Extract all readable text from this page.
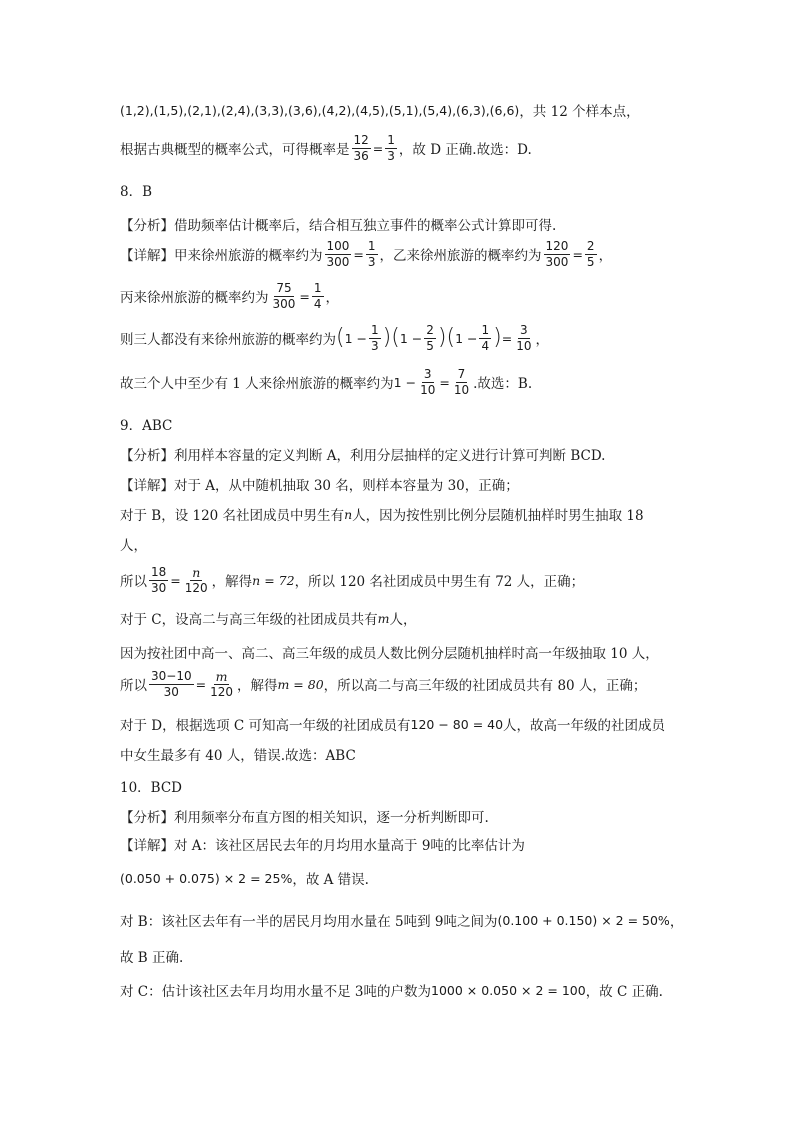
(1,2),(1,5),(2,1),(2,4),(3,3),(3,6),(4,2),(4,5),(5,1),(5,4),(6,3),(6,6) ，共 12 个样本点，
根据古典概型的概率公式，可得概率是 $\frac{12}{36} = \frac{1}{3}$ ，故 D 正确.故选：D.
8．B
【分析】 借助频率估计概率后，结合相互独立事件的概率公式计算即可得.
【详解】 甲来徐州旅游的概率约为 $\frac{100}{300} = \frac{1}{3}$ ，乙来徐州旅游的概率约为 $\frac{120}{300} = \frac{2}{5}$ ，
丙来徐州旅游的概率约为 $\frac{75}{300} = \frac{1}{4}$ ，
则三人都没有来徐州旅游的概率约为 ( $1 - \frac{1}{3}$ ) ( $1 - \frac{2}{5}$ ) ( $1 - \frac{1}{4}$ ) = $\frac{3}{10}$ ，
故三个人中至少有 1 人来徐州旅游的概率约为 $1 - \frac{3}{10} = \frac{7}{10}$ .故选：B.
9．ABC
【分析】 利用样本容量的定义判断 A，利用分层抽样的定义进行计算可判断 BCD.
【详解】 对于 A，从中随机抽取 30 名，则样本容量为 30，正确；
对于 B，设 120 名社团成员中男生有 n 人，因为按性别比例分层随机抽样时男生抽取 18
人，
所以 $\frac{18}{30} = \frac{n}{120}$ ，解得 n = 72 ，所以 120 名社团成员中男生有 72 人，正确；
对于 C，设高二与高三年级的社团成员共有 m 人，
因为按社团中高一、高二、高三年级的成员人数比例分层随机抽样时高一年级抽取 10 人，
所以 $\frac{30-10}{30} = \frac{m}{120}$ ，解得 m = 80 ，所以高二与高三年级的社团成员共有 80 人，正确；
对于 D，根据选项 C 可知高一年级的社团成员有 120 − 80 = 40 人，故高一年级的社团成员
中女生最多有 40 人，错误.故选：ABC
10．BCD
【分析】 利用频率分布直方图的相关知识，逐一分析判断即可.
【详解】 对 A：该社区居民去年的月均用水量高于 9吨的比率估计为
(0.050 + 0.075) × 2 = 25% ，故 A 错误.
对 B：该社区去年有一半的居民月均用水量在 5吨到 9吨之间为 (0.100 + 0.150) × 2 = 50% ，
故 B 正确.
对 C：估计该社区去年月均用水量不足 3吨的户数为 1000 × 0.050 × 2 = 100 ，故 C 正确.
